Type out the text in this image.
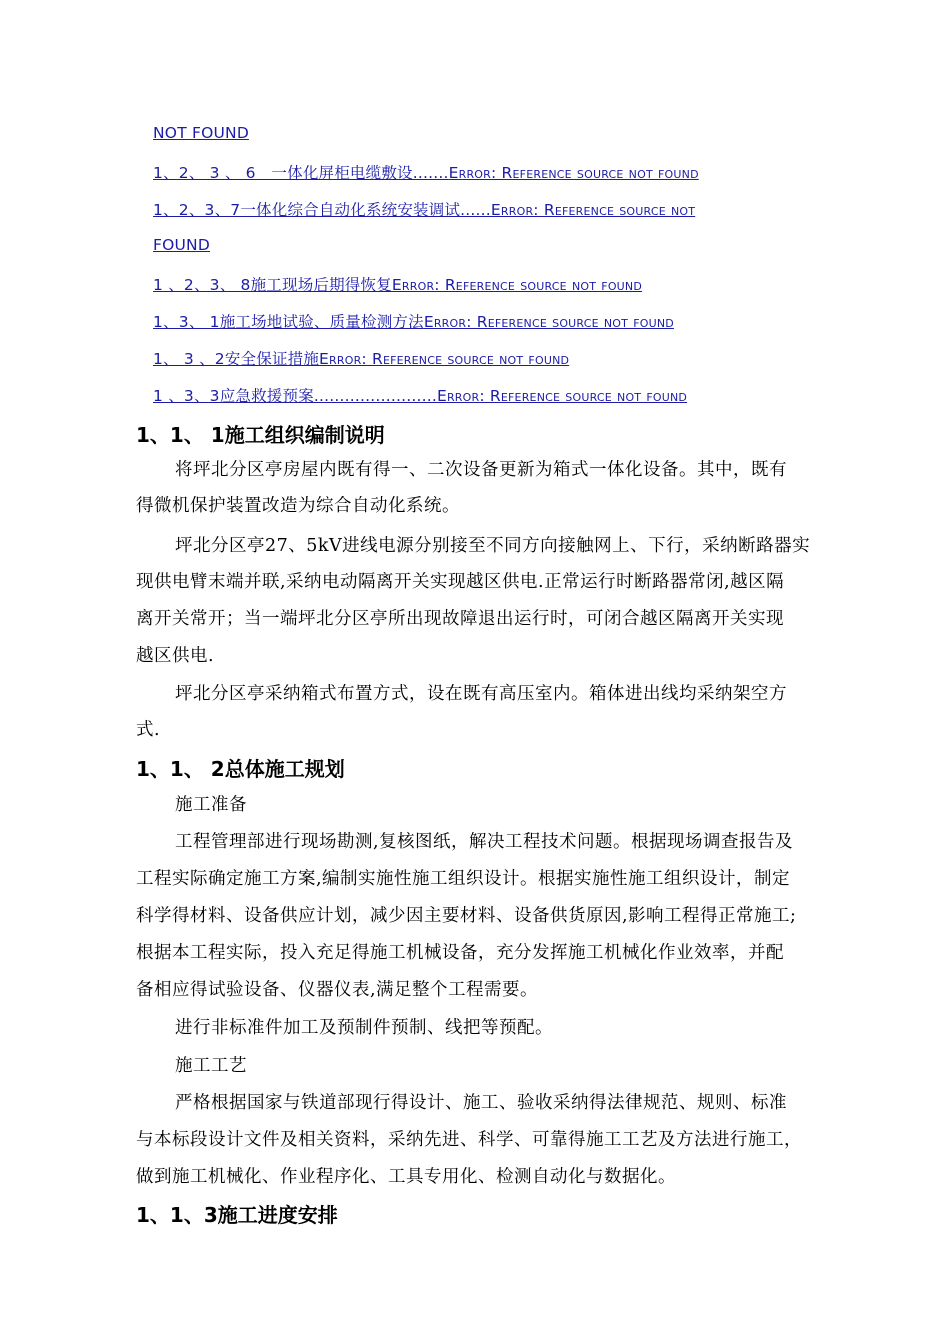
NOT FOUND
1、2、 3 、 6　一体化屏柜电缆敷设.......Error: Reference source not found
1、2、3、7一体化综合自动化系统安装调试......Error: Reference source not
FOUND
1 、2、3、 8施工现场后期得恢复Error: Reference source not found
1、3、 1施工场地试验、质量检测方法Error: Reference source not found
1、 3 、2安全保证措施Error: Reference source not found
1 、3、3应急救援预案........................Error: Reference source not found
1、1、 1施工组织编制说明
将坪北分区亭房屋内既有得一、二次设备更新为箱式一体化设备。其中，既有
得微机保护装置改造为综合自动化系统。
坪北分区亭27、5kV进线电源分别接至不同方向接触网上、下行，采纳断路器实
现供电臂末端并联,采纳电动隔离开关实现越区供电.正常运行时断路器常闭,越区隔
离开关常开；当一端坪北分区亭所出现故障退出运行时，可闭合越区隔离开关实现
越区供电.
坪北分区亭采纳箱式布置方式，设在既有高压室内。箱体进出线均采纳架空方
式.
1、1、 2总体施工规划
施工准备
工程管理部进行现场勘测,复核图纸，解决工程技术问题。根据现场调查报告及
工程实际确定施工方案,编制实施性施工组织设计。根据实施性施工组织设计，制定
科学得材料、设备供应计划，减少因主要材料、设备供货原因,影响工程得正常施工;
根据本工程实际，投入充足得施工机械设备，充分发挥施工机械化作业效率，并配
备相应得试验设备、仪器仪表,满足整个工程需要。
进行非标准件加工及预制件预制、线把等预配。
施工工艺
严格根据国家与铁道部现行得设计、施工、验收采纳得法律规范、规则、标准
与本标段设计文件及相关资料，采纳先进、科学、可靠得施工工艺及方法进行施工，
做到施工机械化、作业程序化、工具专用化、检测自动化与数据化。
1、1、3施工进度安排
